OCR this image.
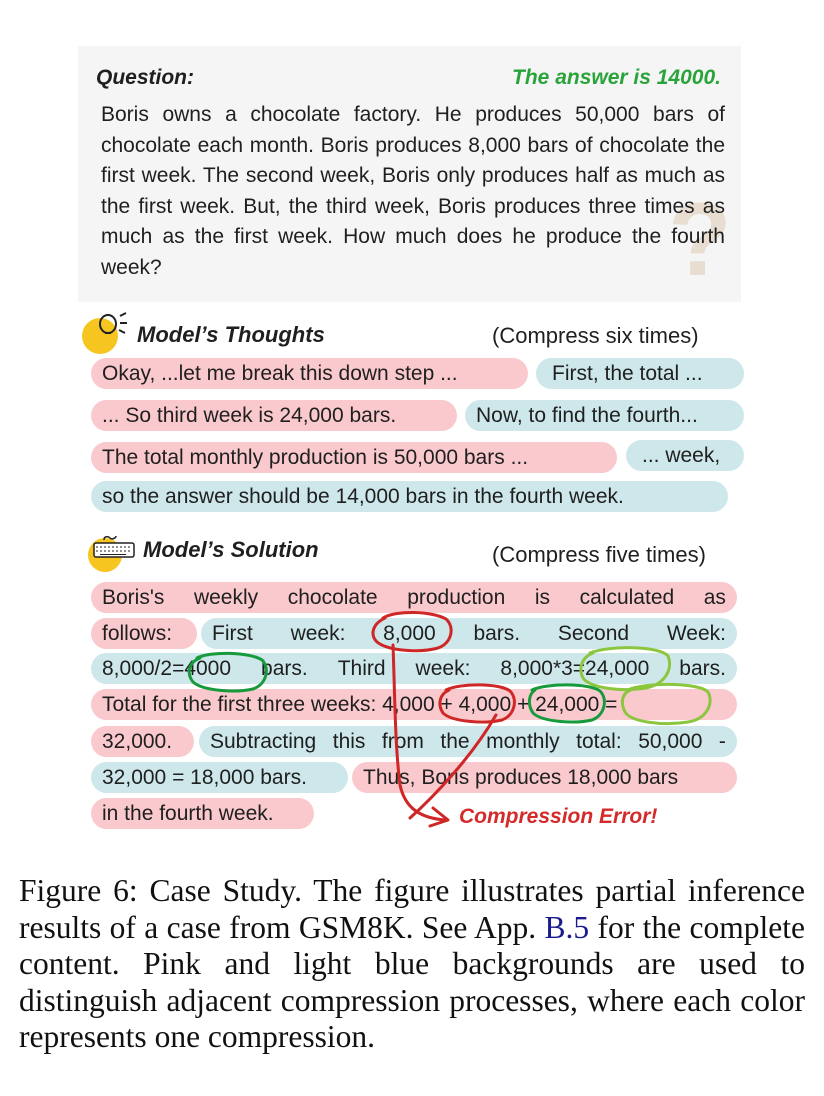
?
Question:	The answer is 14000.
Boris owns a chocolate factory. He produces 50,000 bars of chocolate each month. Boris produces 8,000 bars of chocolate the first week. The second week, Boris only produces half as much as the first week. But, the third week, Boris produces three times as much as the first week. How much does he produce the fourth week?
Model’s Thoughts	(Compress six times)
Okay, ...let me break this down step ...	First, the total ...
... So third week is 24,000 bars.	Now, to find the fourth...
The total monthly production is 50,000 bars ...	... week,
so the answer should be 14,000 bars in the fourth week.
Model’s Solution	(Compress five times)
Boris's weekly chocolate production is calculated as
follows:	First week: 8,000 bars. Second Week:
8,000/2=4000 bars. Third week: 8,000*3=24,000 bars.
Total for the first three weeks: 4,000 + 4,000 + 24,000 =
32,000.	Subtracting this from the monthly total: 50,000 -
32,000 = 18,000 bars.	Thus, Boris produces 18,000 bars
in the fourth week.	Compression Error!
Figure 6: Case Study. The figure illustrates partial inference results of a case from GSM8K. See App. B.5 for the complete content. Pink and light blue backgrounds are used to distinguish adjacent compression processes, where each color represents one compression.
